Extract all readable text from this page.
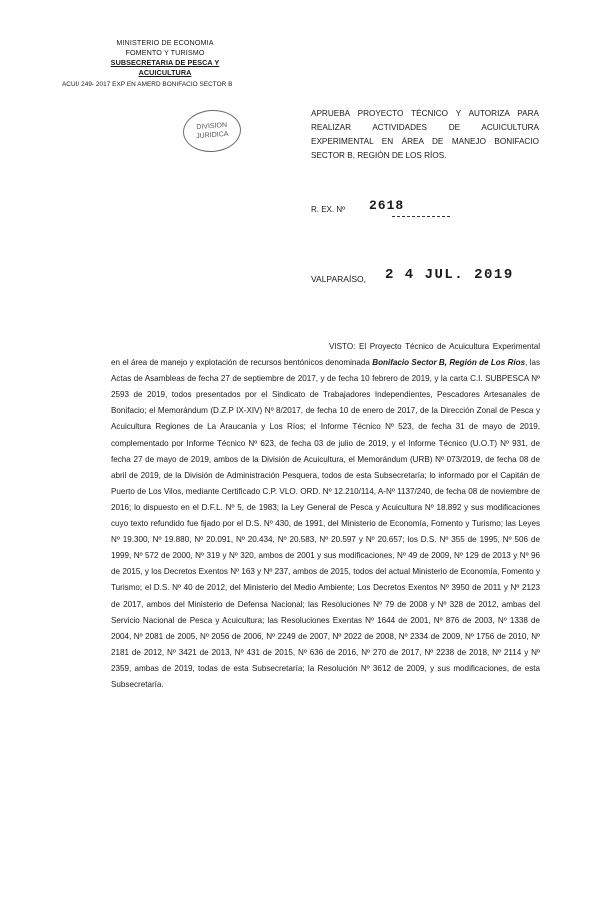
MINISTERIO DE ECONOMIA
FOMENTO Y TURISMO
SUBSECRETARIA DE PESCA Y ACUICULTURA
ACUI/ 249- 2017 EXP EN AMERD BONIFACIO SECTOR B
DIVISION
JURIDICA
APRUEBA PROYECTO TÉCNICO Y AUTORIZA PARA REALIZAR ACTIVIDADES DE ACUICULTURA EXPERIMENTAL EN ÁREA DE MANEJO BONIFACIO SECTOR B, REGIÓN DE LOS RÍOS.
R. EX. Nº 2618
VALPARAÍSO, 2 4 JUL. 2019
VISTO: El Proyecto Técnico de Acuicultura Experimental en el área de manejo y explotación de recursos bentónicos denominada Bonifacio Sector B, Región de Los Ríos, las Actas de Asambleas de fecha 27 de septiembre de 2017, y de fecha 10 febrero de 2019, y la carta C.I. SUBPESCA Nº 2593 de 2019, todos presentados por el Sindicato de Trabajadores Independientes, Pescadores Artesanales de Bonifacio; el Memorándum (D.Z.P IX-XIV) Nº 8/2017, de fecha 10 de enero de 2017, de la Dirección Zonal de Pesca y Acuicultura Regiones de La Araucanía y Los Ríos; el Informe Técnico Nº 523, de fecha 31 de mayo de 2019, complementado por Informe Técnico Nº 623, de fecha 03 de julio de 2019, y el Informe Técnico (U.O.T) Nº 931, de fecha 27 de mayo de 2019, ambos de la División de Acuicultura, el Memorándum (URB) Nº 073/2019, de fecha 08 de abril de 2019, de la División de Administración Pesquera, todos de esta Subsecretaría; lo informado por el Capitán de Puerto de Los Vilos, mediante Certificado C.P. VLO. ORD. Nº 12.210/114, A-Nº 1137/240, de fecha 08 de noviembre de 2016; lo dispuesto en el D.F.L. Nº 5, de 1983; la Ley General de Pesca y Acuicultura Nº 18.892 y sus modificaciones cuyo texto refundido fue fijado por el D.S. Nº 430, de 1991, del Ministerio de Economía, Fomento y Turismo; las Leyes Nº 19.300, Nº 19.880, Nº 20.091, Nº 20.434, Nº 20.583, Nº 20.597 y Nº 20.657; los D.S. Nº 355 de 1995, Nº 506 de 1999, Nº 572 de 2000, Nº 319 y Nº 320, ambos de 2001 y sus modificaciones, Nº 49 de 2009, Nº 129 de 2013 y Nº 96 de 2015, y los Decretos Exentos Nº 163 y Nº 237, ambos de 2015, todos del actual Ministerio de Economía, Fomento y Turismo; el D.S. Nº 40 de 2012, del Ministerio del Medio Ambiente; Los Decretos Exentos Nº 3950 de 2011 y Nº 2123 de 2017, ambos del Ministerio de Defensa Nacional; las Resoluciones Nº 79 de 2008 y Nº 328 de 2012, ambas del Servicio Nacional de Pesca y Acuicultura; las Resoluciones Exentas Nº 1644 de 2001, Nº 876 de 2003, Nº 1338 de 2004, Nº 2081 de 2005, Nº 2056 de 2006, Nº 2249 de 2007, Nº 2022 de 2008, Nº 2334 de 2009, Nº 1756 de 2010, Nº 2181 de 2012, Nº 3421 de 2013, Nº 431 de 2015, Nº 636 de 2016, Nº 270 de 2017, Nº 2238 de 2018, Nº 2114 y Nº 2359, ambas de 2019, todas de esta Subsecretaría; la Resolución Nº 3612 de 2009, y sus modificaciones, de esta Subsecretaría.
